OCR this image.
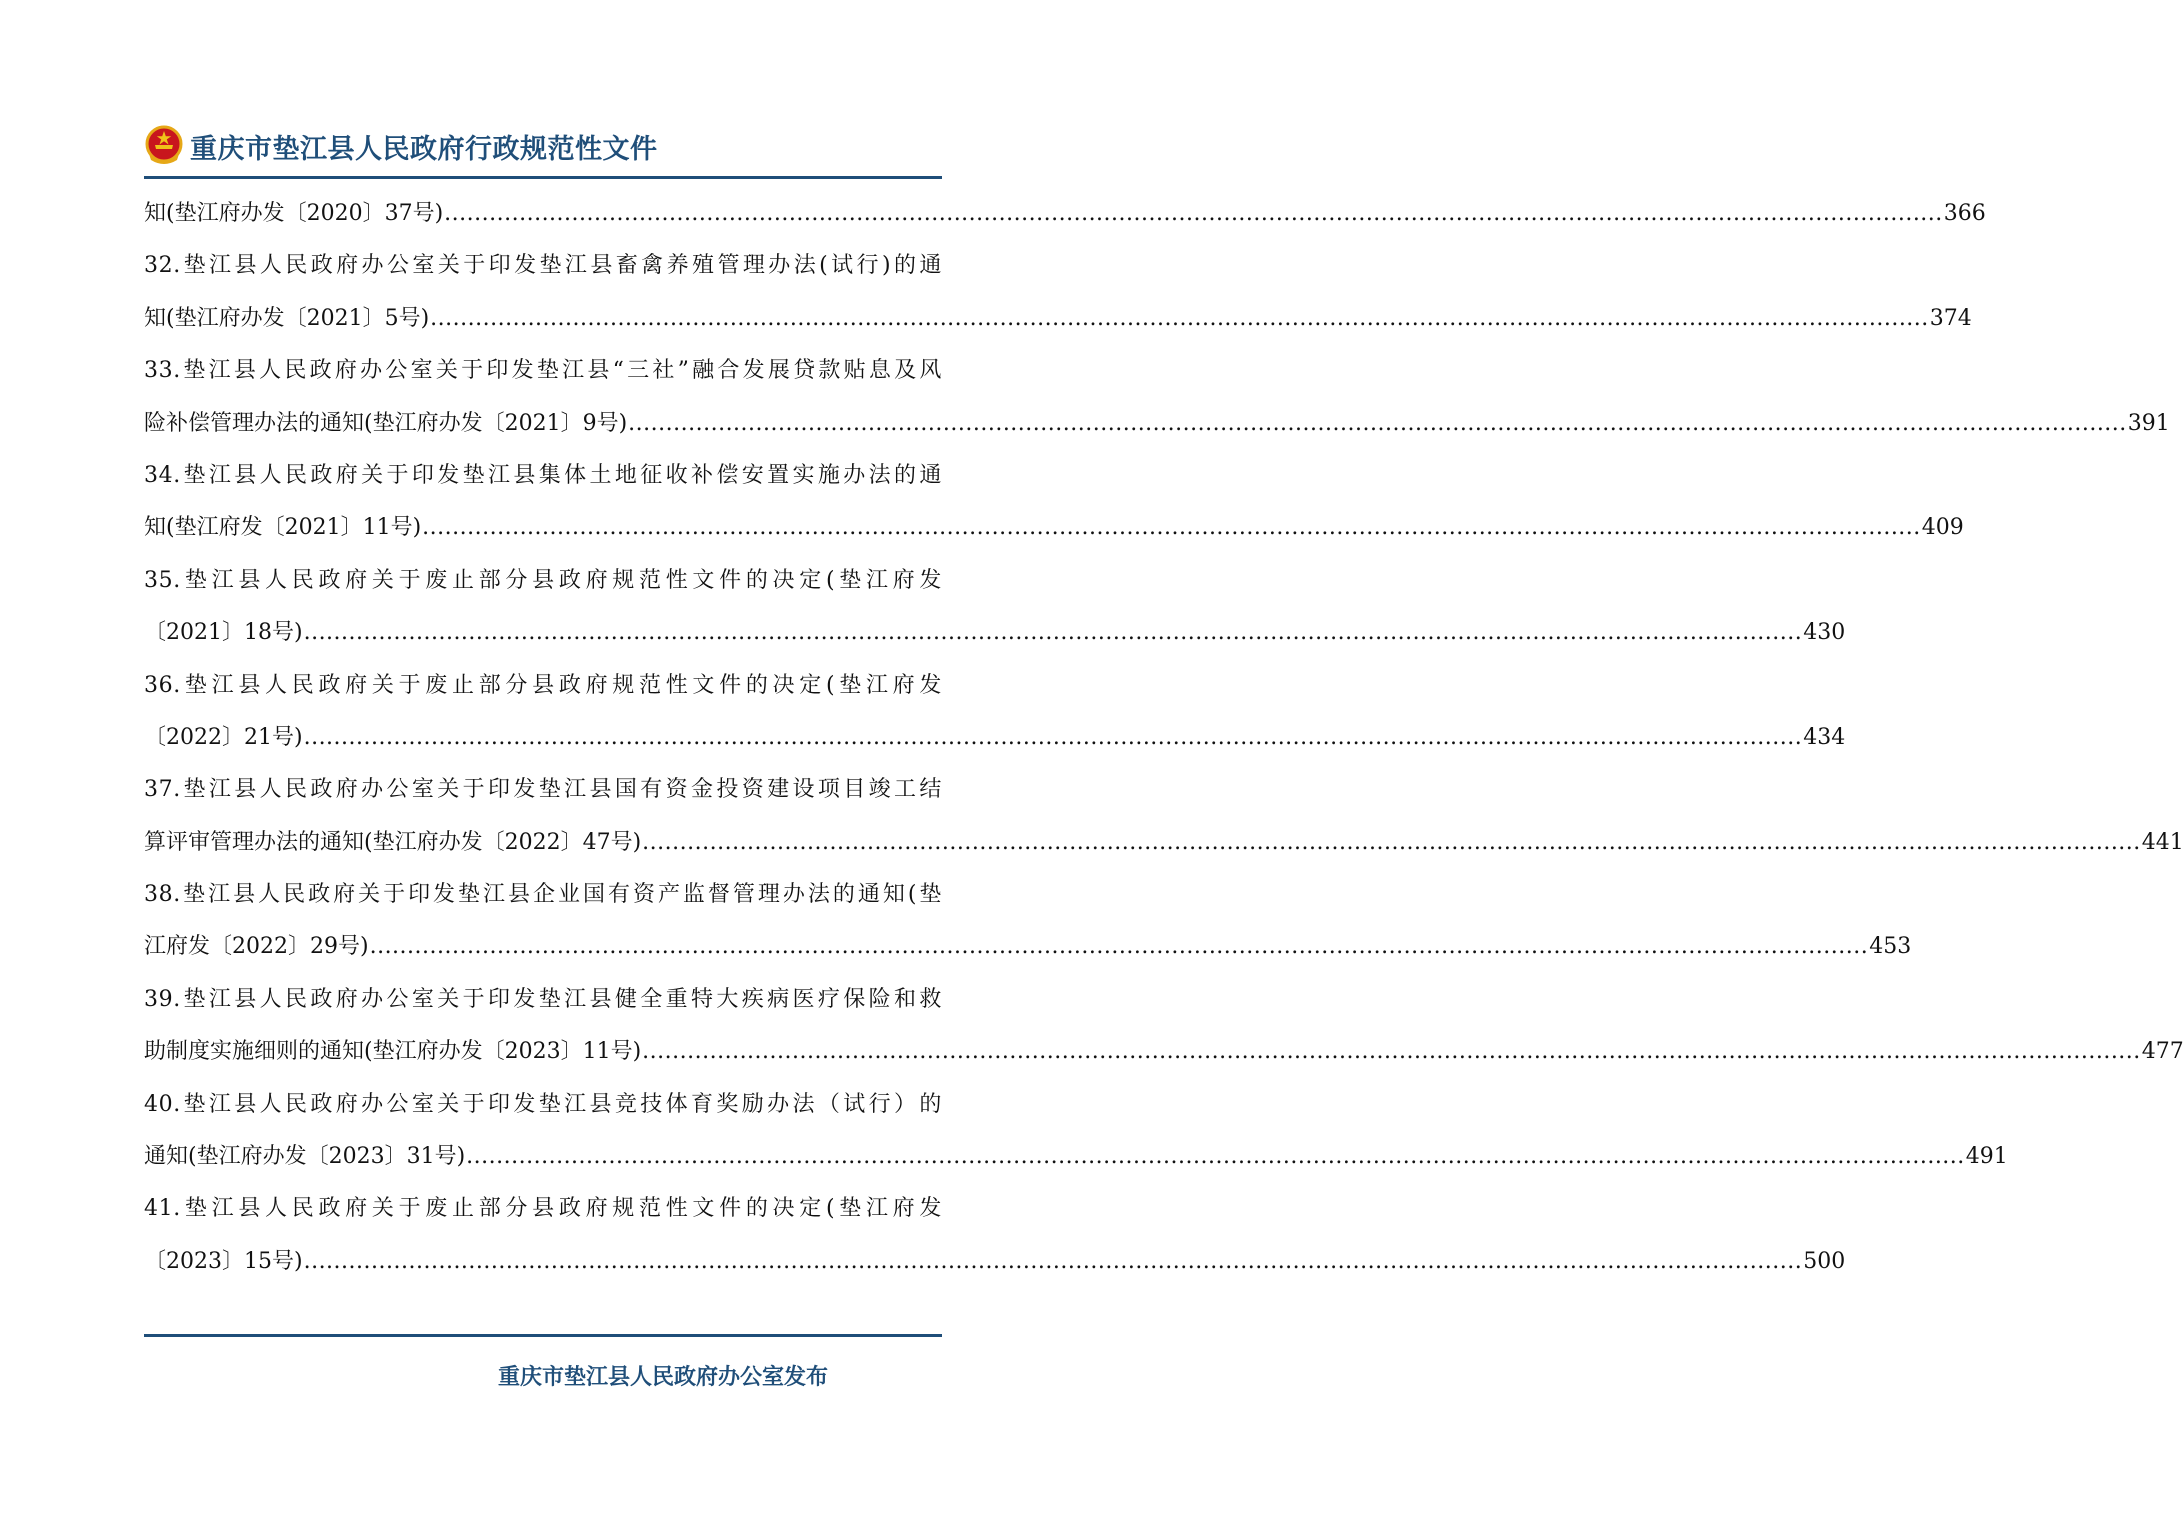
重庆市垫江县人民政府行政规范性文件
知(垫江府办发〔2020〕37号) ........................................................................................................................................................................................................ 366
32.垫江县人民政府办公室关于印发垫江县畜禽养殖管理办法(试行)的通
知(垫江府办发〔2021〕5号) ........................................................................................................................................................................................................ 374
33.垫江县人民政府办公室关于印发垫江县“三社”融合发展贷款贴息及风
险补偿管理办法的通知(垫江府办发〔2021〕9号) ........................................................................................................................................................................................................ 391
34.垫江县人民政府关于印发垫江县集体土地征收补偿安置实施办法的通
知(垫江府发〔2021〕11号) ........................................................................................................................................................................................................ 409
35.垫江县人民政府关于废止部分县政府规范性文件的决定(垫江府发
〔2021〕18号) ........................................................................................................................................................................................................ 430
36.垫江县人民政府关于废止部分县政府规范性文件的决定(垫江府发
〔2022〕21号) ........................................................................................................................................................................................................ 434
37.垫江县人民政府办公室关于印发垫江县国有资金投资建设项目竣工结
算评审管理办法的通知(垫江府办发〔2022〕47号) ........................................................................................................................................................................................................ 441
38.垫江县人民政府关于印发垫江县企业国有资产监督管理办法的通知(垫
江府发〔2022〕29号) ........................................................................................................................................................................................................ 453
39.垫江县人民政府办公室关于印发垫江县健全重特大疾病医疗保险和救
助制度实施细则的通知(垫江府办发〔2023〕11号) ........................................................................................................................................................................................................ 477
40.垫江县人民政府办公室关于印发垫江县竞技体育奖励办法（试行）的
通知(垫江府办发〔2023〕31号) ........................................................................................................................................................................................................ 491
41.垫江县人民政府关于废止部分县政府规范性文件的决定(垫江府发
〔2023〕15号) ........................................................................................................................................................................................................ 500
重庆市垫江县人民政府办公室发布
